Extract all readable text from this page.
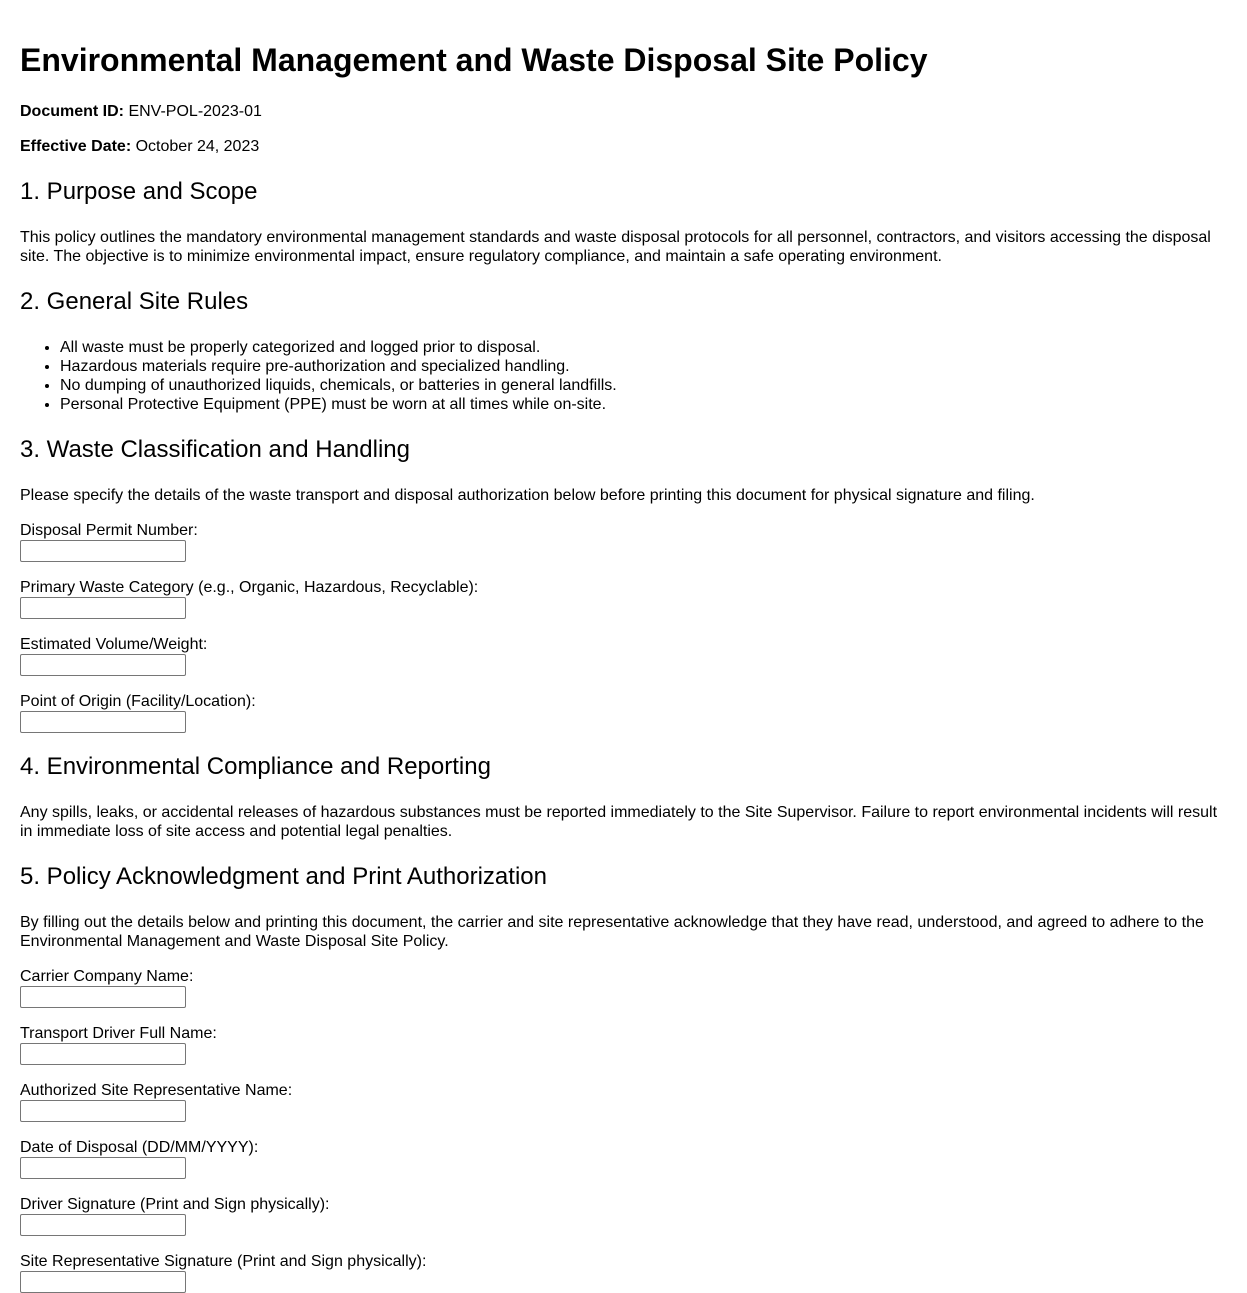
Environmental Management and Waste Disposal Site Policy

Document ID: ENV-POL-2023-01

Effective Date: October 24, 2023

1. Purpose and Scope

This policy outlines the mandatory environmental management standards and waste disposal protocols for all personnel, contractors, and visitors accessing the disposal site. The objective is to minimize environmental impact, ensure regulatory compliance, and maintain a safe operating environment.

2. General Site Rules
• All waste must be properly categorized and logged prior to disposal.
• Hazardous materials require pre-authorization and specialized handling.
• No dumping of unauthorized liquids, chemicals, or batteries in general landfills.
• Personal Protective Equipment (PPE) must be worn at all times while on-site.
3. Waste Classification and Handling

Please specify the details of the waste transport and disposal authorization below before printing this document for physical signature and filing.

Disposal Permit Number:
Primary Waste Category (e.g., Organic, Hazardous, Recyclable):
Estimated Volume/Weight:
Point of Origin (Facility/Location):
4. Environmental Compliance and Reporting

Any spills, leaks, or accidental releases of hazardous substances must be reported immediately to the Site Supervisor. Failure to report environmental incidents will result in immediate loss of site access and potential legal penalties.

5. Policy Acknowledgment and Print Authorization

By filling out the details below and printing this document, the carrier and site representative acknowledge that they have read, understood, and agreed to adhere to the Environmental Management and Waste Disposal Site Policy.

Carrier Company Name:
Transport Driver Full Name:
Authorized Site Representative Name:
Date of Disposal (DD/MM/YYYY):
Driver Signature (Print and Sign physically):
Site Representative Signature (Print and Sign physically):
